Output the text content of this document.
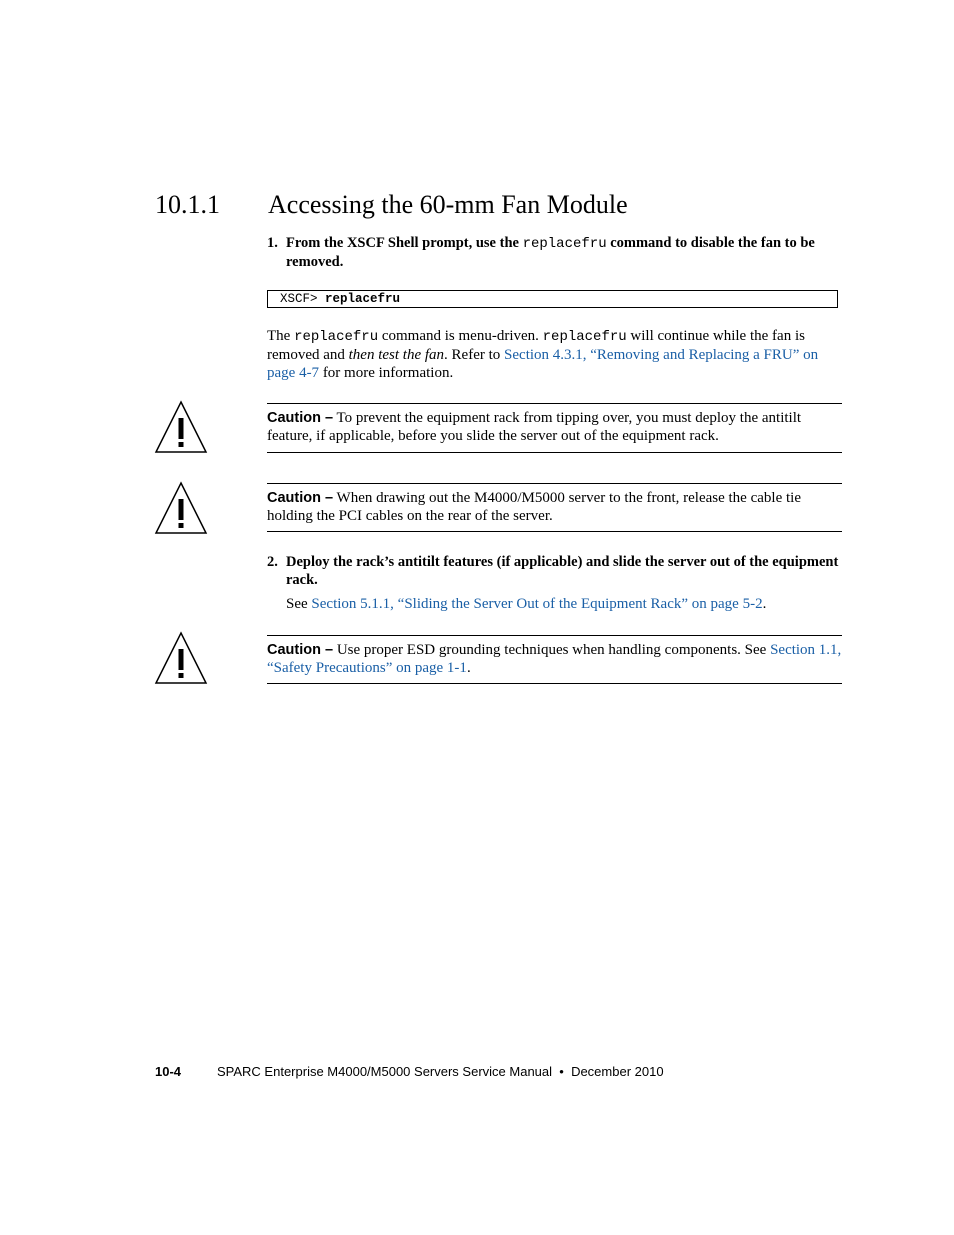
10.1.1 Accessing the 60-mm Fan Module
1. From the XSCF Shell prompt, use the replacefru command to disable the fan to be removed.
XSCF> replacefru
The replacefru command is menu-driven. replacefru will continue while the fan is removed and then test the fan. Refer to Section 4.3.1, “Removing and Replacing a FRU” on page 4-7 for more information.
Caution – To prevent the equipment rack from tipping over, you must deploy the antitilt feature, if applicable, before you slide the server out of the equipment rack.
Caution – When drawing out the M4000/M5000 server to the front, release the cable tie holding the PCI cables on the rear of the server.
2. Deploy the rack’s antitilt features (if applicable) and slide the server out of the equipment rack.
See Section 5.1.1, “Sliding the Server Out of the Equipment Rack” on page 5-2.
Caution – Use proper ESD grounding techniques when handling components. See Section 1.1, “Safety Precautions” on page 1-1.
10-4	SPARC Enterprise M4000/M5000 Servers Service Manual • December 2010
